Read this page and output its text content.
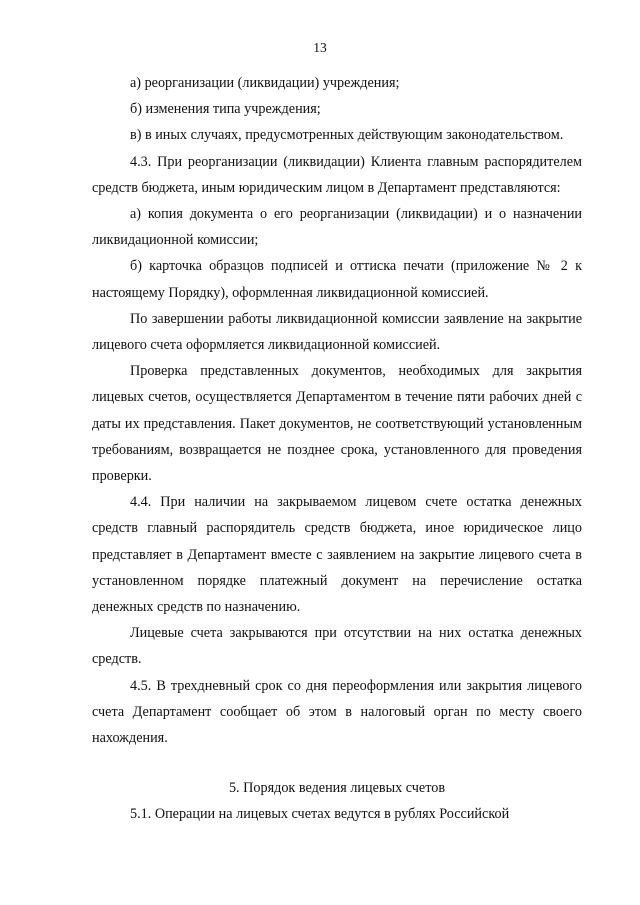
13

а) реорганизации (ликвидации) учреждения;

б) изменения типа учреждения;

в) в иных случаях, предусмотренных действующим законодательством.

4.3. При реорганизации (ликвидации) Клиента главным распорядителем средств бюджета, иным юридическим лицом в Департамент представляются:

а) копия документа о его реорганизации (ликвидации) и о назначении ликвидационной комиссии;

б) карточка образцов подписей и оттиска печати (приложение № 2 к настоящему Порядку), оформленная ликвидационной комиссией.

По завершении работы ликвидационной комиссии заявление на закрытие лицевого счета оформляется ликвидационной комиссией.

Проверка представленных документов, необходимых для закрытия лицевых счетов, осуществляется Департаментом в течение пяти рабочих дней с даты их представления. Пакет документов, не соответствующий установленным требованиям, возвращается не позднее срока, установленного для проведения проверки.

4.4. При наличии на закрываемом лицевом счете остатка денежных средств главный распорядитель средств бюджета, иное юридическое лицо представляет в Департамент вместе с заявлением на закрытие лицевого счета в установленном порядке платежный документ на перечисление остатка денежных средств по назначению.

Лицевые счета закрываются при отсутствии на них остатка денежных средств.

4.5. В трехдневный срок со дня переоформления или закрытия лицевого счета Департамент сообщает об этом в налоговый орган по месту своего нахождения.

5. Порядок ведения лицевых счетов

5.1. Операции на лицевых счетах ведутся в рублях Российской
